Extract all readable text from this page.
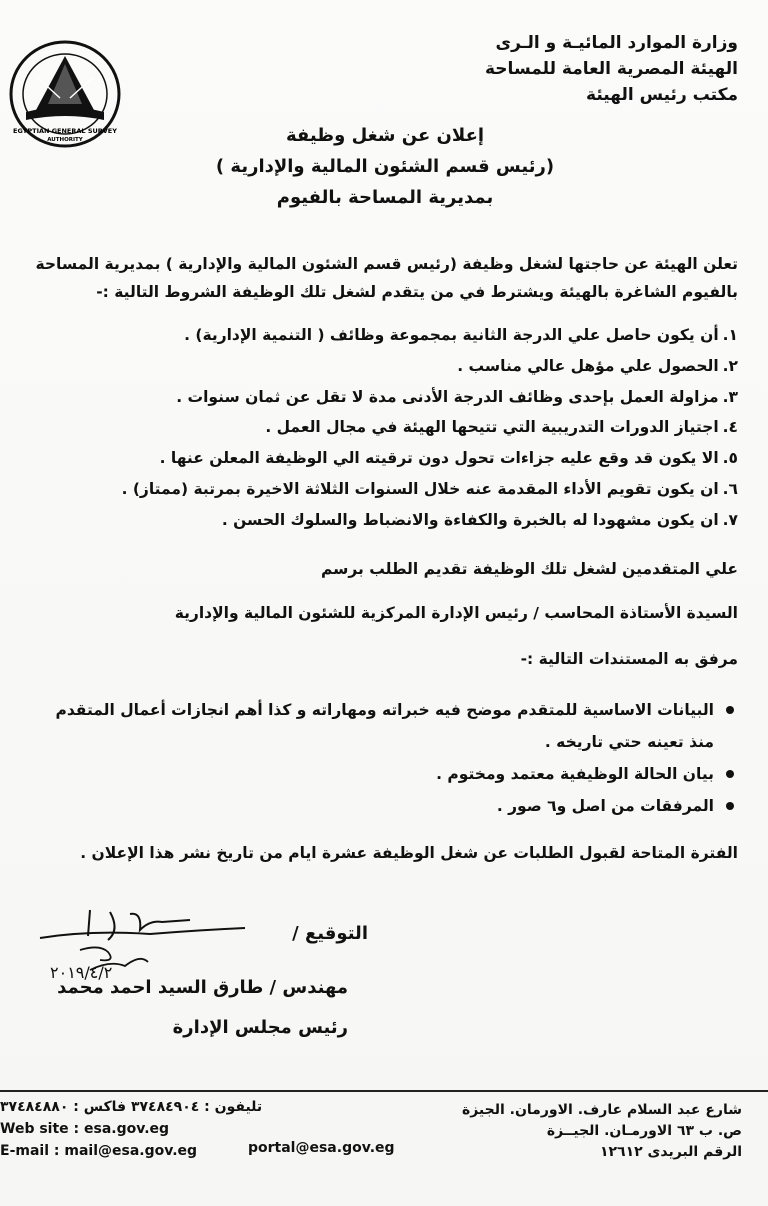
EGYPTIAN GENERAL SURVEY
AUTHORITY
وزارة الموارد المائيـة و الـرى
الهيئة المصرية العامة للمساحة
مكتب رئيس الهيئة
إعلان عن شغل وظيفة
(رئيس قسم الشئون المالية والإدارية )
بمديرية المساحة بالفيوم
تعلن الهيئة عن حاجتها لشغل وظيفة (رئيس قسم الشئون المالية والإدارية ) بمديرية المساحة
بالفيوم الشاغرة بالهيئة ويشترط في من يتقدم لشغل تلك الوظيفة الشروط التالية :-
١.أن يكون حاصل علي الدرجة الثانية بمجموعة وظائف ( التنمية الإدارية) .
٢.الحصول علي مؤهل عالي مناسب .
٣.مزاولة العمل بإحدى وظائف الدرجة الأدنى مدة لا تقل عن ثمان سنوات .
٤.اجتياز الدورات التدريبية التي تتيحها الهيئة في مجال العمل .
٥.الا يكون قد وقع عليه جزاءات تحول دون ترقيته الي الوظيفة المعلن عنها .
٦.ان يكون تقويم الأداء المقدمة عنه خلال السنوات الثلاثة الاخيرة بمرتبة (ممتاز) .
٧.ان يكون مشهودا له بالخبرة والكفاءة والانضباط والسلوك الحسن .
علي المتقدمين لشغل تلك الوظيفة تقديم الطلب برسم
السيدة الأستاذة المحاسب / رئيس الإدارة المركزية للشئون المالية والإدارية
مرفق به المستندات التالية :-
البيانات الاساسية للمتقدم موضح فيه خبراته ومهاراته و كذا أهم انجازات أعمال المتقدم
منذ تعينه حتي تاريخه .
بيان الحالة الوظيفية معتمد ومختوم .
المرفقات من اصل و٦ صور .
الفترة المتاحة لقبول الطلبات عن شغل الوظيفة عشرة ايام من تاريخ نشر هذا الإعلان .
التوقيع /
٢٠١٩/٤/٢
مهندس / طارق السيد احمد محمد
رئيس مجلس الإدارة
تليفون : ٣٧٤٨٤٩٠٤ فاكس : ٣٧٤٨٤٨٨٠
Web site : esa.gov.eg
E-mail : mail@esa.gov.eg	portal@esa.gov.eg
شارع عبد السلام عارف. الاورمان. الجيزة
ص. ب ٦٣ الاورمـان. الجيــزة
الرقم البريدى ١٢٦١٢
